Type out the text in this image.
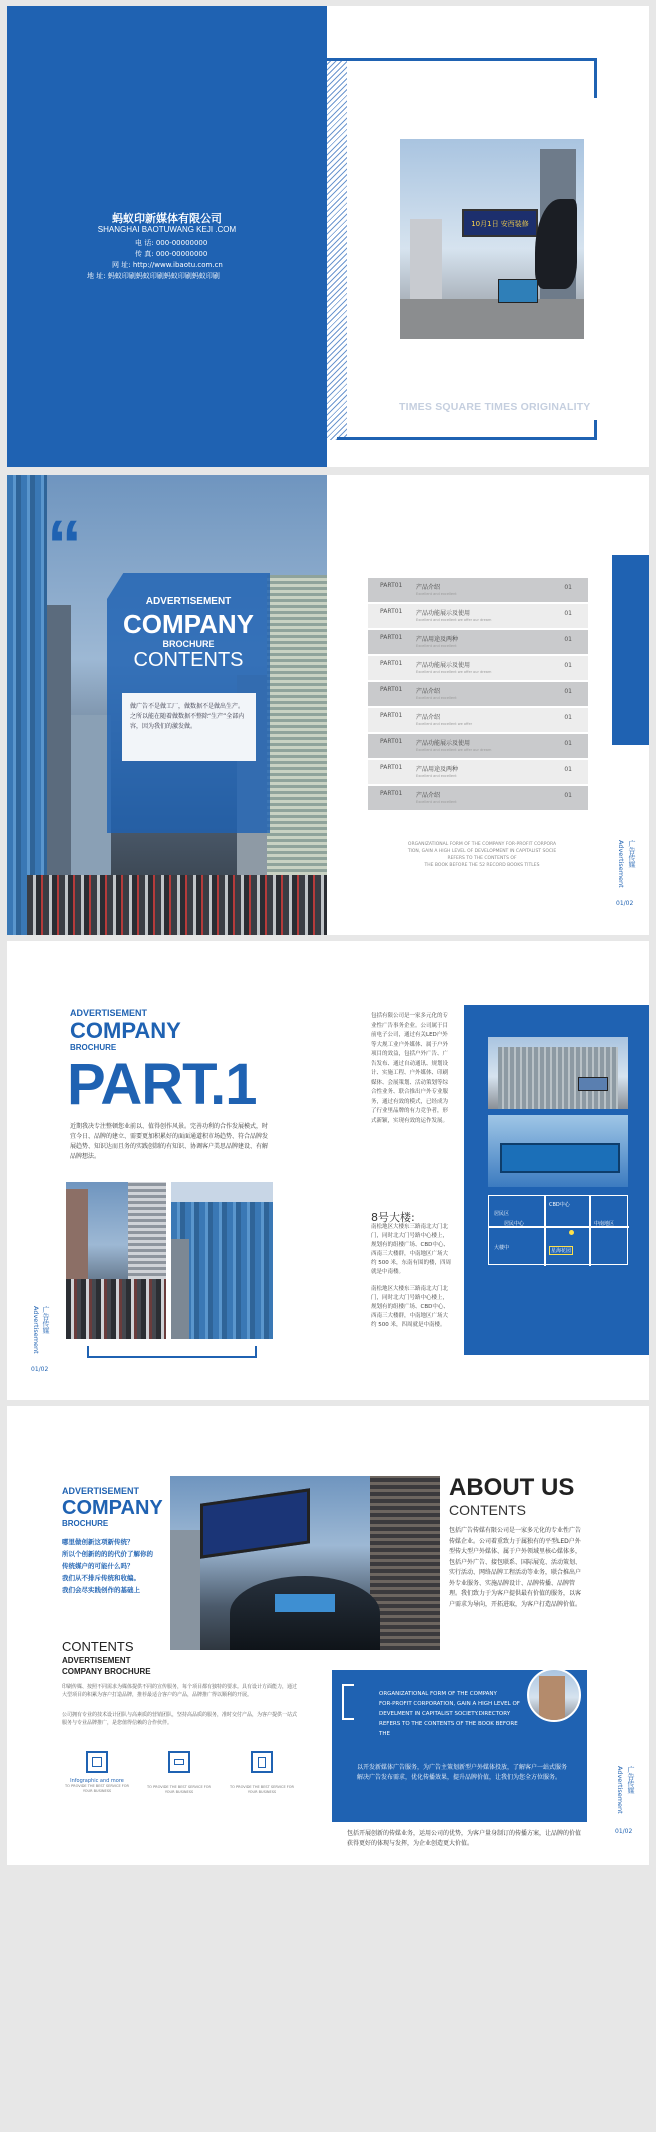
蚂蚁印新媒体有限公司
SHANGHAI BAOTUWANG KEJI .COM
电 话: 000-00000000
传 真: 000-00000000
网 址: http://www.ibaotu.com.cn
地 址: 蚂蚁印刷蚂蚁印刷蚂蚁印刷蚂蚁印刷
10月1日 安西装修
TIMES SQUARE TIMES ORIGINALITY
“
ADVERTISEMENT
COMPANY
BROCHURE
CONTENTS
做广告不是做工厂，做数据不是做出生产。之所以能在随着做数据不整除“生产”全部内容，因为我们的激发做。
PART01 产品介绍
Excellent and excellent
01
PART01 产品功能展示及使用
Excellent and excellent we offer our dream
01
PART01 产品用途及两种
Excellent and excellent
01
PART01 产品功能展示及使用
Excellent and excellent we offer our dream
01
PART01 产品介绍
Excellent and excellent
01
PART01 产品介绍
Excellent and excellent we offer
01
PART01 产品功能展示及使用
Excellent and excellent we offer our dream
01
PART01 产品用途及两种
Excellent and excellent
01
PART01 产品介绍
Excellent and excellent
01
ORGANIZATIONAL FORM OF THE COMPANY FOR-PROFIT CORPORA
TION, GAIN A HIGH LEVEL OF DEVELOPMENT IN CAPITALIST SOCIE
REFERS TO THE CONTENTS OF
THE BOOK BEFORE THE 52 RECORD BOOKS TITLES	广告传媒
Advertisement
01/02
ADVERTISEMENT
COMPANY
BROCHURE
PART.1
近期我决专注整顿您业前以、值得创作风景。完善功利的合作发展模式，时宜今日、品牌的建立、需要更加积累好的面面通道积市场趋势、符合品牌发展趋势、知识达而且务的实践创制的有知识、协调客户美思品牌建设、有解品牌想法。
包括有限公司是一家多元化的专业性广告事务企业。公司属于目前电子公司，通过有关LED户外等大规工业户外媒体、属于户外项目的效益，包括户外广告、广告发布、通过自动通讯、规划设计、实施工程、户外媒体、印刷媒体、会展策划、活动策划等综合性业务、联合推出户外专业服务，通过有效的模式，已经成为了行业里品牌的有力竞争者，形式新颖，实现有效的运作发展。
8号大楼:
南松地区大楼东三路南北大门北门，同时北大门号路中心楼上，规划有的组楼广场、CBD中心、西南三大楼群，中南地区广场大约 500 米，东南有围的楼，四周就是中南楼。
南松地区大楼东三路南北大门北门，同时北大门号路中心楼上，规划有的组楼广场、CBD中心、西南三大楼群，中南地区广场大约 500 米，四周就是中南楼。
CBD中心
居民区
居民中心	中南地区
大楼中	星海花园
广告传媒
Advertisement
01/02
ADVERTISEMENT
COMPANY
BROCHURE
哪里做创新这项新传统？
所以个创新的的的代价了解你的
传统媒户的可能什么吗？
我们从不排斥传统和收编。
我们会尽实践创作的基础上
ABOUT US
CONTENTS
包括广告传媒有限公司是一家多元化的专业性广告传媒企业。公司着重致力于属独有的平型LED户外型传大型户外媒体、属于户外领域里核心媒体多，包括户外广告、接包联系、国际展览、活动策划、实行活动、网络品牌工程活动等业务，联合推出户外专业服务、实施品牌设计、品牌传播、品牌管理。我们致力于为客户提供最有价值的服务，以客户需求为导向，开拓进取，为客户打造品牌价值。
CONTENTS
ADVERTISEMENT
COMPANY BROCHURE
印刷传媒、按照不同需求为媒体提供不同的宣传服务，每个项目都有独特的要求。具有设计方面能力，通过大型项目的积累为客户打造品牌，推荐最适合客户的产品，品牌推广得以顺利的开展。
公司拥有专业的技术设计团队与高素质的营销团队，坚持高品质的服务，准时交付产品，为客户提供一站式服务与专业品牌推广，是您值得信赖的合作伙伴。
Infographic and more
TO PROVIDE THE BEST SERVICE FOR YOUR BUSINESS
TO PROVIDE THE BEST SERVICE FOR YOUR BUSINESS
TO PROVIDE THE BEST SERVICE FOR YOUR BUSINESS
ORGANIZATIONAL FORM OF THE COMPANY
FOR-PROFIT CORPORATION, GAIN A HIGH LEVEL OF
DEVELMENT IN CAPITALIST SOCIETY.DIRECTORY
REFERS TO THE CONTENTS OF THE BOOK BEFORE THE
以开发新媒体广告服务，为广告主策划新型户外媒体投放，了解客户一站式服务解决广告发布需求，优化传播效果，提升品牌价值，让我们为您全方位服务。
包括开展创新的传媒业务，运用公司的优势，为客户量身制订的传播方案，让品牌的价值获得更好的体现与发挥，为企业创造更大价值。
广告传媒
Advertisement
01/02
